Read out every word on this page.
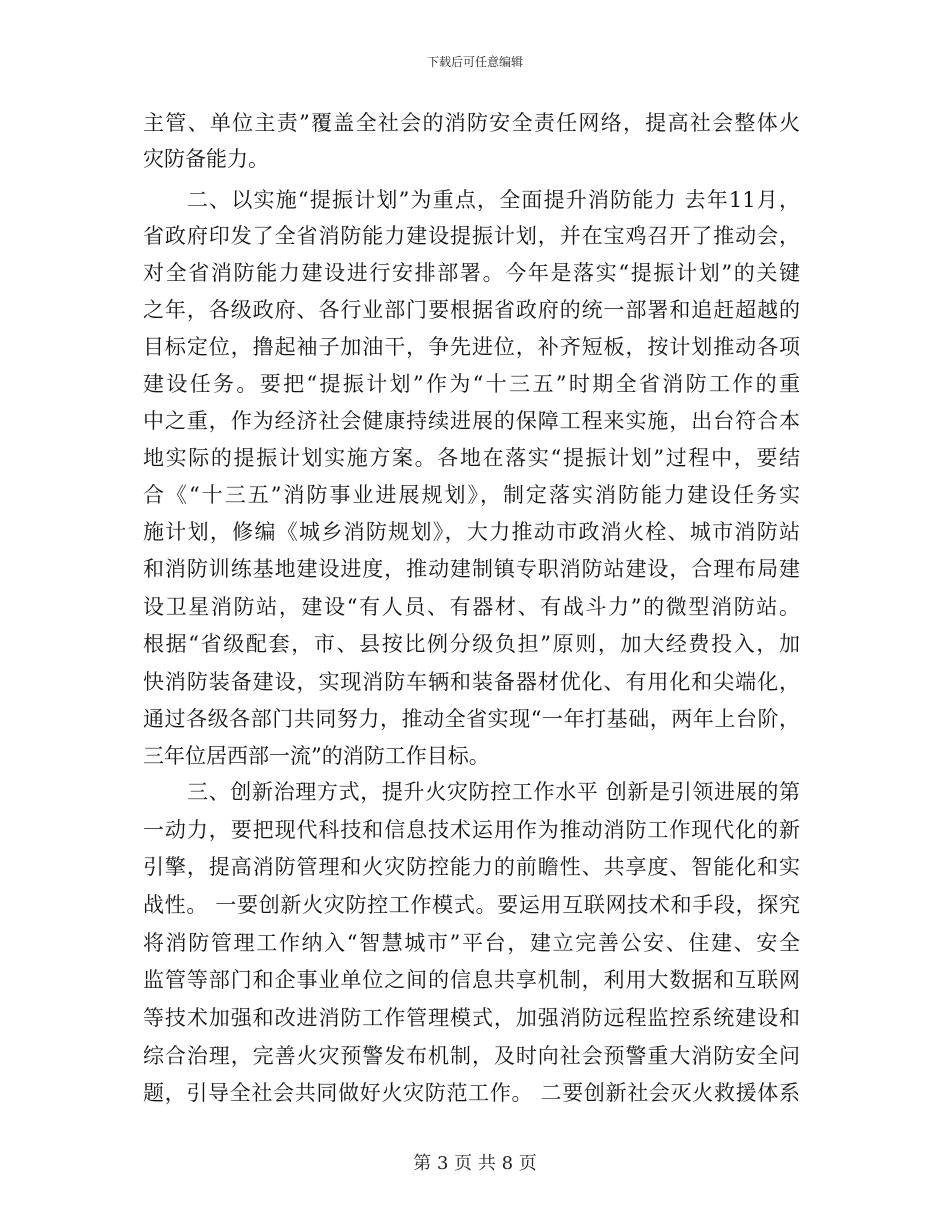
下载后可任意编辑
主管、单位主责”覆盖全社会的消防安全责任网络，提高社会整体火
灾防备能力。
二、以实施“提振计划”为重点，全面提升消防能力 去年11月，
省政府印发了全省消防能力建设提振计划，并在宝鸡召开了推动会，
对全省消防能力建设进行安排部署。今年是落实“提振计划”的关键
之年，各级政府、各行业部门要根据省政府的统一部署和追赶超越的
目标定位，撸起袖子加油干，争先进位，补齐短板，按计划推动各项
建设任务。要把“提振计划”作为“十三五”时期全省消防工作的重
中之重，作为经济社会健康持续进展的保障工程来实施，出台符合本
地实际的提振计划实施方案。各地在落实“提振计划”过程中，要结
合《“十三五”消防事业进展规划》，制定落实消防能力建设任务实
施计划，修编《城乡消防规划》，大力推动市政消火栓、城市消防站
和消防训练基地建设进度，推动建制镇专职消防站建设，合理布局建
设卫星消防站，建设“有人员、有器材、有战斗力”的微型消防站。
根据“省级配套，市、县按比例分级负担”原则，加大经费投入，加
快消防装备建设，实现消防车辆和装备器材优化、有用化和尖端化，
通过各级各部门共同努力，推动全省实现“一年打基础，两年上台阶，
三年位居西部一流”的消防工作目标。
三、创新治理方式，提升火灾防控工作水平 创新是引领进展的第
一动力，要把现代科技和信息技术运用作为推动消防工作现代化的新
引擎，提高消防管理和火灾防控能力的前瞻性、共享度、智能化和实
战性。 一要创新火灾防控工作模式。要运用互联网技术和手段，探究
将消防管理工作纳入“智慧城市”平台，建立完善公安、住建、安全
监管等部门和企事业单位之间的信息共享机制，利用大数据和互联网
等技术加强和改进消防工作管理模式，加强消防远程监控系统建设和
综合治理，完善火灾预警发布机制，及时向社会预警重大消防安全问
题，引导全社会共同做好火灾防范工作。 二要创新社会灭火救援体系
第 3 页 共 8 页
